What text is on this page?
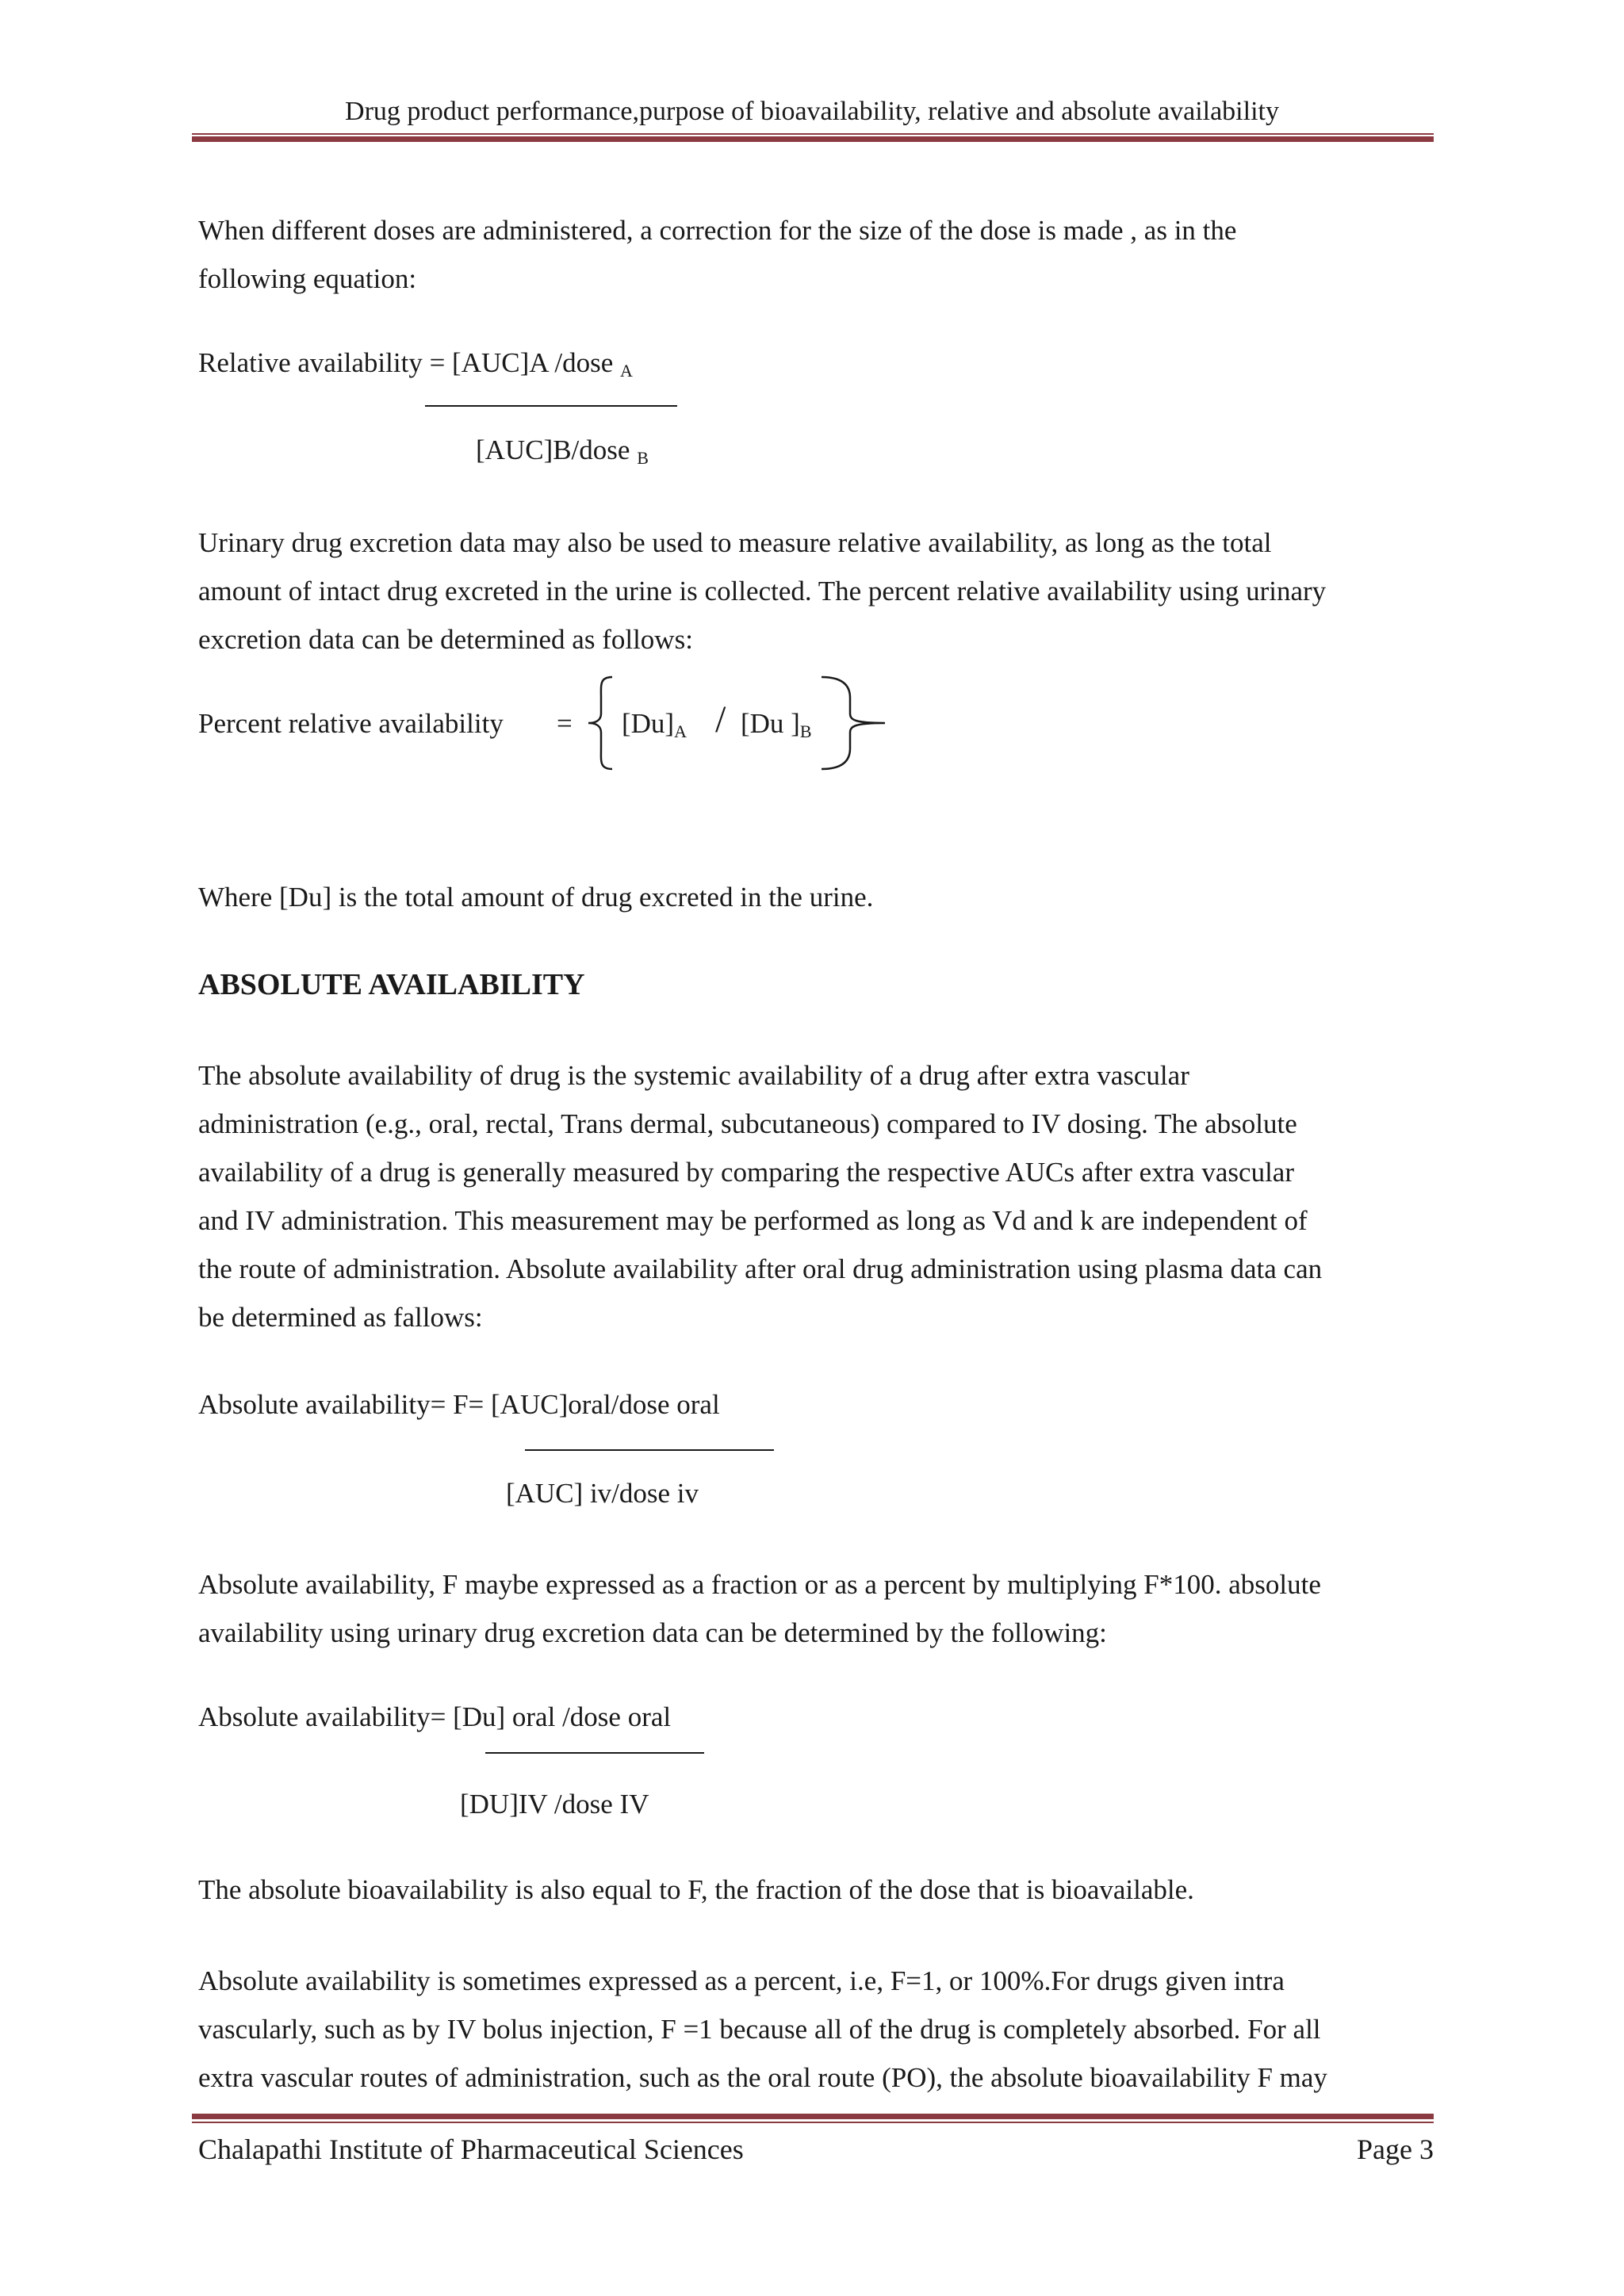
Drug product performance,purpose of bioavailability, relative and absolute availability
When different doses are administered, a correction for the size of the dose is made , as in the
following equation:
Relative availability = [AUC]A /dose $_A$
[AUC]B/dose $_B$
Urinary drug excretion data may also be used to measure relative availability, as long as the total
amount of intact drug excreted in the urine is collected. The percent relative availability using urinary
excretion data can be determined as follows:
Percent relative availability = $[Du]_A / [Du$ ]$_B$
Where [Du] is the total amount of drug excreted in the urine.
ABSOLUTE AVAILABILITY
The absolute availability of drug is the systemic availability of a drug after extra vascular
administration (e.g., oral, rectal, Trans dermal, subcutaneous) compared to IV dosing. The absolute
availability of a drug is generally measured by comparing the respective AUCs after extra vascular
and IV administration. This measurement may be performed as long as Vd and k are independent of
the route of administration. Absolute availability after oral drug administration using plasma data can
be determined as fallows:
Absolute availability= F= [AUC]oral/dose oral
[AUC] iv/dose iv
Absolute availability, F maybe expressed as a fraction or as a percent by multiplying F*100. absolute
availability using urinary drug excretion data can be determined by the following:
Absolute availability= [Du] oral /dose oral
[DU]IV /dose IV
The absolute bioavailability is also equal to F, the fraction of the dose that is bioavailable.
Absolute availability is sometimes expressed as a percent, i.e, F=1, or 100%.For drugs given intra
vascularly, such as by IV bolus injection, F =1 because all of the drug is completely absorbed. For all
extra vascular routes of administration, such as the oral route (PO), the absolute bioavailability F may
Chalapathi Institute of Pharmaceutical Sciences	Page 3
